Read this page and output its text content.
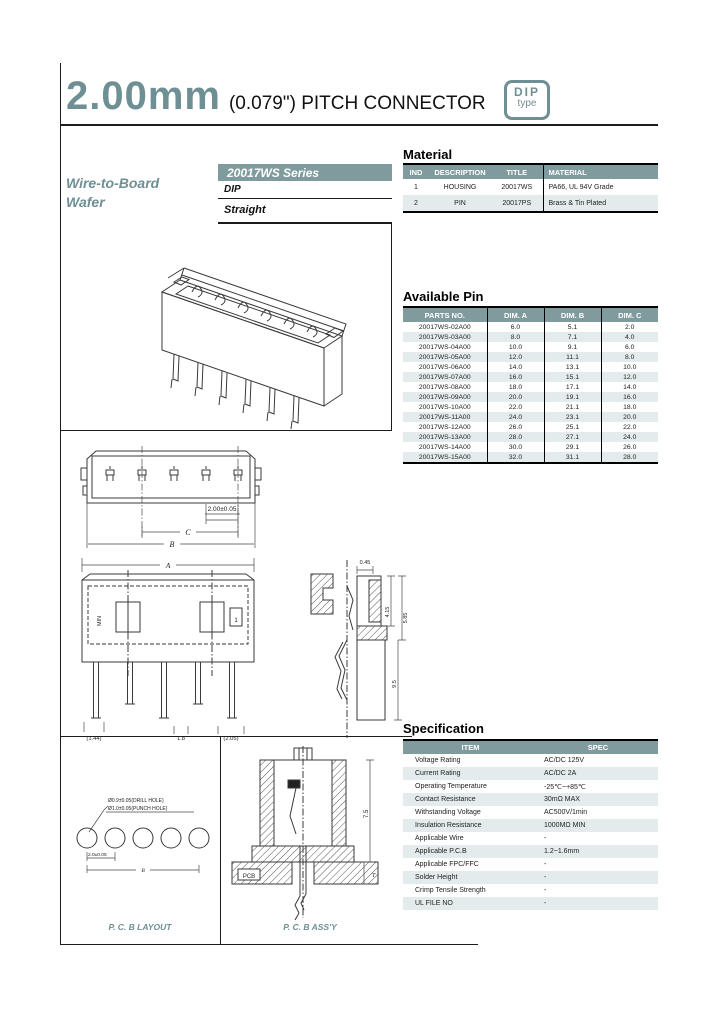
2.00mm (0.079") PITCH CONNECTOR
DIP
type
Wire-to-Board
Wafer
20017WS Series
DIP
Straight
Material
IND	DESCRIPTION	TITLE	MATERIAL
1	HOUSING	20017WS	PA66, UL 94V Grade
2	PIN	20017PS	Brass & Tin Plated
Available Pin
PARTS NO.	DIM. A	DIM. B	DIM. C
20017WS-02A00	6.0	5.1	2.0
20017WS-03A00	8.0	7.1	4.0
20017WS-04A00	10.0	9.1	6.0
20017WS-05A00	12.0	11.1	8.0
20017WS-06A00	14.0	13.1	10.0
20017WS-07A00	16.0	15.1	12.0
20017WS-08A00	18.0	17.1	14.0
20017WS-09A00	20.0	19.1	16.0
20017WS-10A00	22.0	21.1	18.0
20017WS-11A00	24.0	23.1	20.0
20017WS-12A00	26.0	25.1	22.0
20017WS-13A00	28.0	27.1	24.0
20017WS-14A00	30.0	29.1	26.0
20017WS-15A00	32.0	31.1	28.0
Specification
ITEM	SPEC
Voltage Rating	AC/DC 125V
Current Rating	AC/DC 2A
Operating Temperature	-25℃~+85℃
Contact Resistance	30mΩ MAX
Withstanding Voltage	AC500V/1min
Insulation Resistance	1000MΩ MIN
Applicable Wire	-
Applicable P.C.B	1.2~1.6mm
Applicable FPC/FFC	-
Solder Height	-
Crimp Tensile Strength	-
UL FILE NO	-
2.00±0.05
C
B
A
1
MIN
(1.44)	1.8	(2.05)
0.45
4.15
5.85
9.5
Ø0.9±0.05(DRILL HOLE)
Ø1.0±0.05(PUNCH HOLE)
2.0±0.05
B
P. C. B LAYOUT
PCB
7.5
T
P. C. B ASS'Y
